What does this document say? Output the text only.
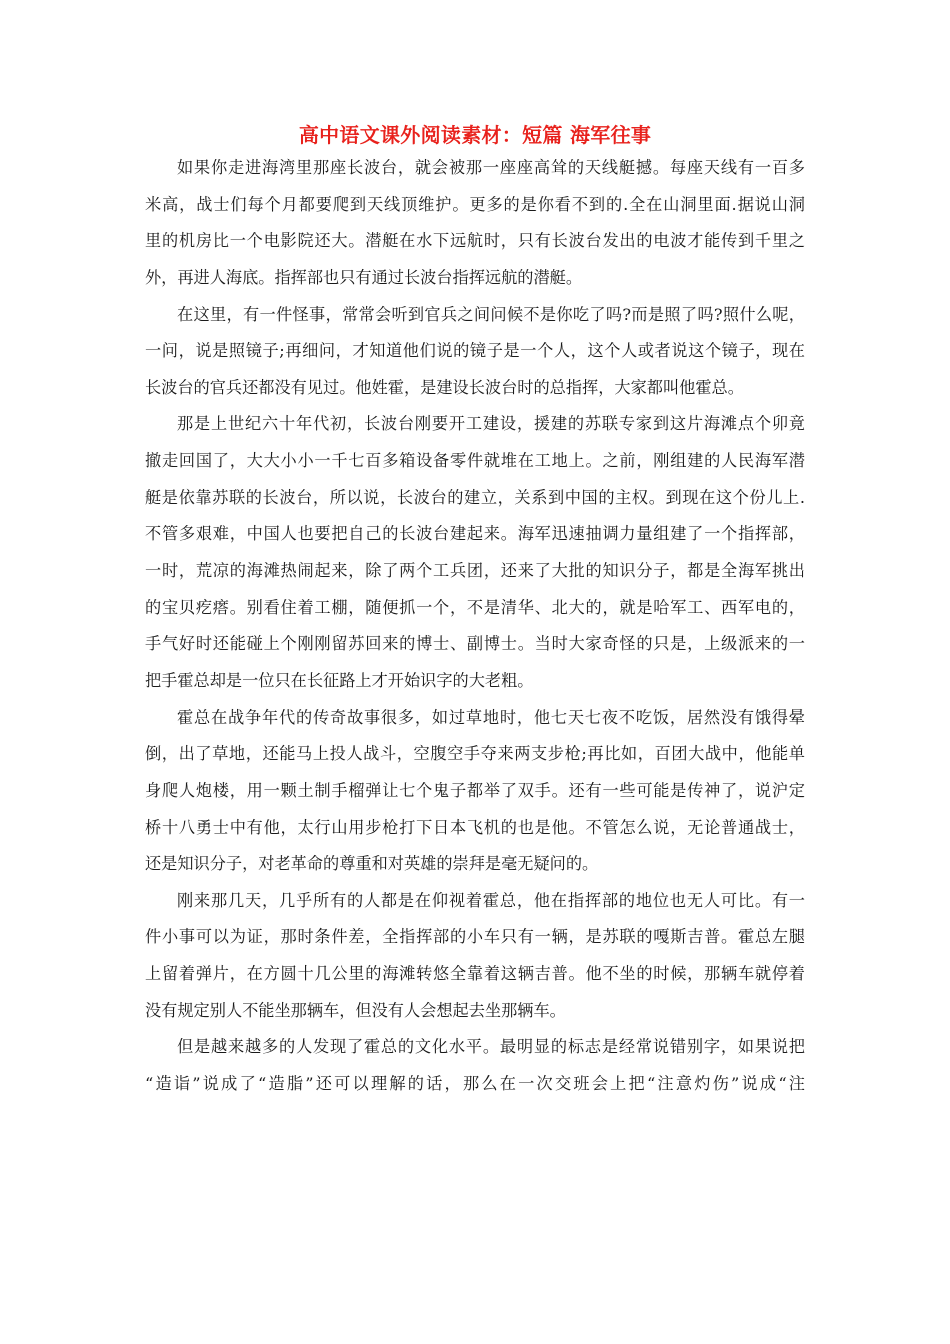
高中语文课外阅读素材：短篇 海军往事
如果你走进海湾里那座长波台，就会被那一座座高耸的天线艇撼。每座天线有一百多
米高，战士们每个月都要爬到天线顶维护。更多的是你看不到的.全在山洞里面.据说山洞
里的机房比一个电影院还大。潜艇在水下远航时，只有长波台发出的电波才能传到千里之
外，再进人海底。指挥部也只有通过长波台指挥远航的潜艇。
在这里，有一件怪事，常常会听到官兵之间问候不是你吃了吗?而是照了吗?照什么呢，
一问，说是照镜子;再细问，才知道他们说的镜子是一个人，这个人或者说这个镜子，现在
长波台的官兵还都没有见过。他姓霍，是建设长波台时的总指挥，大家都叫他霍总。
那是上世纪六十年代初，长波台刚要开工建设，援建的苏联专家到这片海滩点个卯竟
撤走回国了，大大小小一千七百多箱设备零件就堆在工地上。之前，刚组建的人民海军潜
艇是依靠苏联的长波台，所以说，长波台的建立，关系到中国的主权。到现在这个份儿上.
不管多艰难，中国人也要把自己的长波台建起来。海军迅速抽调力量组建了一个指挥部，
一时，荒凉的海滩热闹起来，除了两个工兵团，还来了大批的知识分子，都是全海军挑出
的宝贝疙瘩。别看住着工棚，随便抓一个，不是清华、北大的，就是哈军工、西军电的，
手气好时还能碰上个刚刚留苏回来的博士、副博士。当时大家奇怪的只是，上级派来的一
把手霍总却是一位只在长征路上才开始识字的大老粗。
霍总在战争年代的传奇故事很多，如过草地时，他七天七夜不吃饭，居然没有饿得晕
倒，出了草地，还能马上投人战斗，空腹空手夺来两支步枪;再比如，百团大战中，他能单
身爬人炮楼，用一颗土制手榴弹让七个鬼子都举了双手。还有一些可能是传神了，说沪定
桥十八勇士中有他，太行山用步枪打下日本飞机的也是他。不管怎么说，无论普通战士，
还是知识分子，对老革命的尊重和对英雄的崇拜是毫无疑问的。
刚来那几天，几乎所有的人都是在仰视着霍总，他在指挥部的地位也无人可比。有一
件小事可以为证，那时条件差，全指挥部的小车只有一辆，是苏联的嘎斯吉普。霍总左腿
上留着弹片，在方圆十几公里的海滩转悠全靠着这辆吉普。他不坐的时候，那辆车就停着
没有规定别人不能坐那辆车，但没有人会想起去坐那辆车。
但是越来越多的人发现了霍总的文化水平。最明显的标志是经常说错别字，如果说把
“造诣”说成了“造脂”还可以理解的话，那么在一次交班会上把“注意灼伤”说成“注
